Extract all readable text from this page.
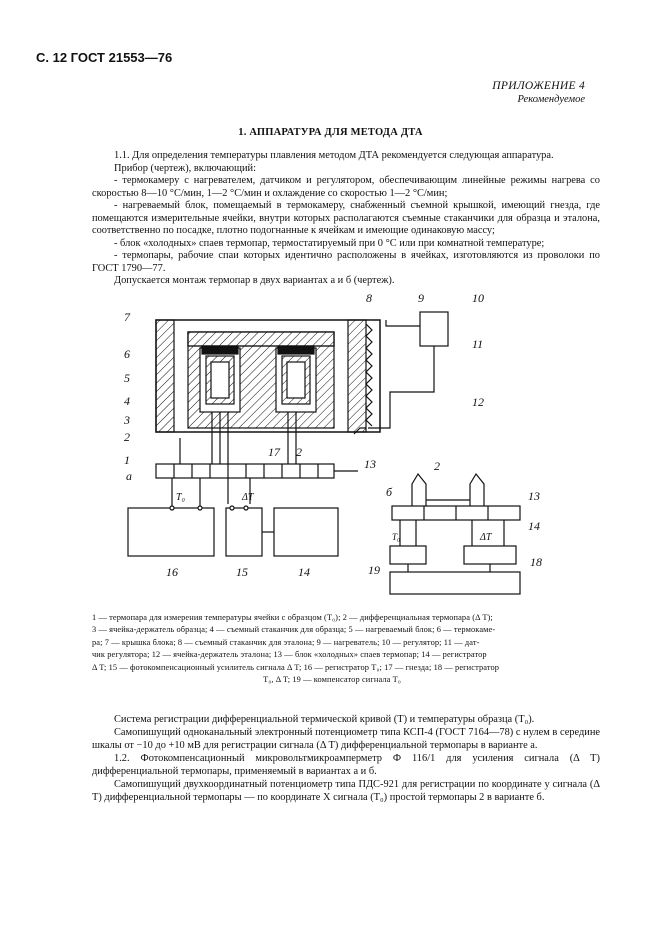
С. 12 ГОСТ 21553—76
ПРИЛОЖЕНИЕ 4
Рекомендуемое
1. АППАРАТУРА ДЛЯ МЕТОДА ДТА

1.1. Для определения температуры плавления методом ДТА рекомендуется следующая аппаратура.

Прибор (чертеж), включающий:

- термокамеру с нагревателем, датчиком и регулятором, обеспечивающим линейные режимы нагрева со скоростью 8—10 °С/мин, 1—2 °С/мин и охлаждение со скоростью 1—2 °С/мин;

- нагреваемый блок, помещаемый в термокамеру, снабженный съемной крышкой, имеющий гнезда, где помещаются измерительные ячейки, внутри которых располагаются съемные стаканчики для образца и эталона, соответственно по посадке, плотно подогнанные к ячейкам и имеющие одинаковую массу;

- блок «холодных» спаев термопар, термостатируемый при 0 °С или при комнатной температуре;

- термопары, рабочие спаи которых идентично расположены в ячейках, изготовляются из проволоки по ГОСТ 1790—77.

Допускается монтаж термопар в двух вариантах а и б (чертеж).

7
6
5
4
3
2
1
а
8	9	10
11
12
13
13
14
14
15
16
17 2
18
19
2
б
T₀	ΔT
T₀	ΔT
1 — термопара для измерения температуры ячейки с образцом (T₀); 2 — дифференциальная термопара (Δ T);
3 — ячейка-держатель образца; 4 — съемный стаканчик для образца; 5 — нагреваемый блок; 6 — термокаме-
ра; 7 — крышка блока; 8 — съемный стаканчик для эталона; 9 — нагреватель; 10 — регулятор; 11 — дат-
чик регулятора; 12 — ячейка-держатель эталона; 13 — блок «холодных» спаев термопар; 14 — регистратор
Δ T; 15 — фотокомпенсационный усилитель сигнала Δ T; 16 — регистратор T₀; 17 — гнезда; 18 — регистратор
T₀, Δ T; 19 — компенсатор сигнала T₀

Система регистрации дифференциальной термической кривой (T) и температуры образца (T₀).

Самопишущий одноканальный электронный потенциометр типа КСП-4 (ГОСТ 7164—78) с нулем в середине шкалы от −10 до +10 мВ для регистрации сигнала (Δ T) дифференциальной термопары в варианте а.

1.2. Фотокомпенсационный микровольтмикроамперметр Ф 116/1 для усиления сигнала (Δ T) дифференциальной термопары, применяемый в вариантах а и б.

Самопишущий двухкоординатный потенциометр типа ПДС-921 для регистрации по координате y сигнала (Δ T) дифференциальной термопары — по координате X сигнала (T₀) простой термопары 2 в варианте б.
